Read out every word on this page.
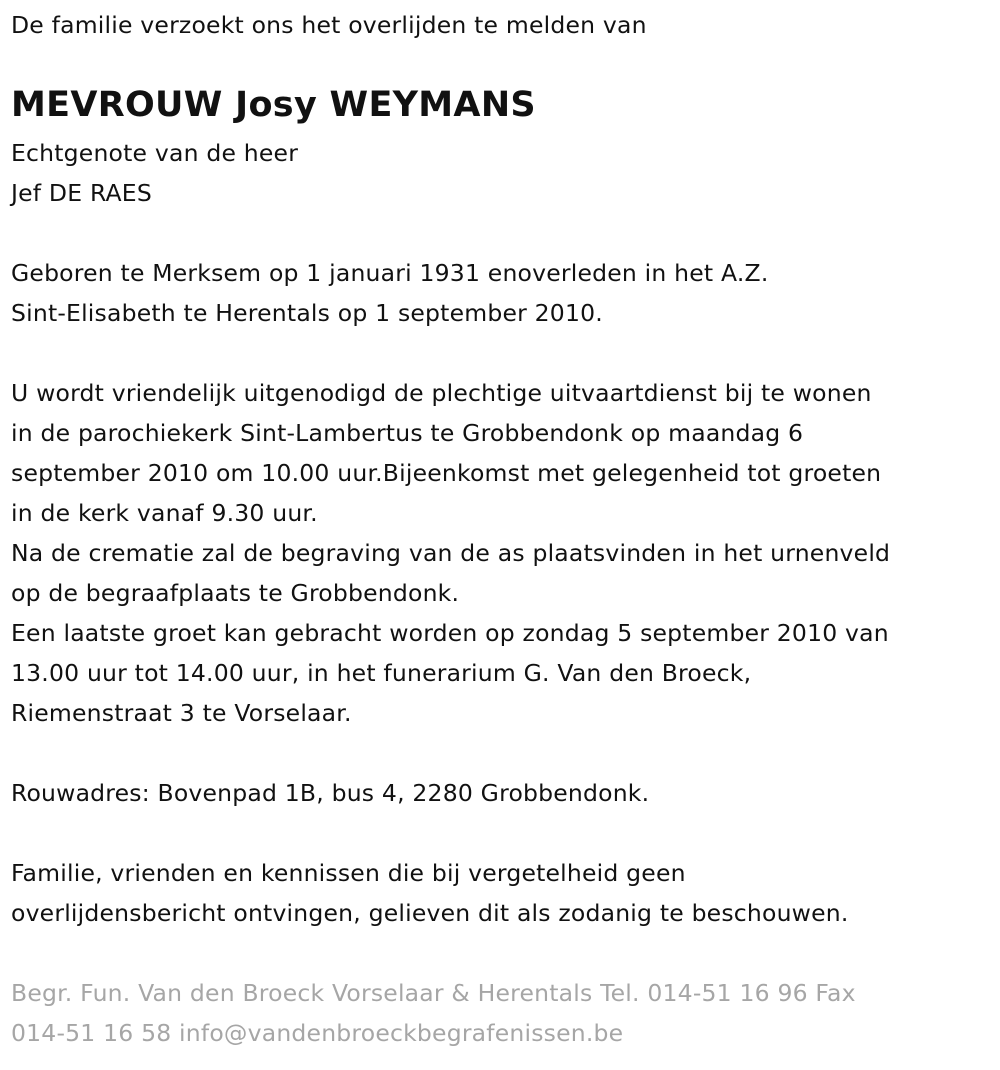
De familie verzoekt ons het overlijden te melden van
MEVROUW Josy WEYMANS
Echtgenote van de heer
Jef DE RAES
Geboren te Merksem op 1 januari 1931 enoverleden in het A.Z.
Sint-Elisabeth te Herentals op 1 september 2010.
U wordt vriendelijk uitgenodigd de plechtige uitvaartdienst bij te wonen
in de parochiekerk Sint-Lambertus te Grobbendonk op maandag 6
september 2010 om 10.00 uur.Bijeenkomst met gelegenheid tot groeten
in de kerk vanaf 9.30 uur.
Na de crematie zal de begraving van de as plaatsvinden in het urnenveld
op de begraafplaats te Grobbendonk.
Een laatste groet kan gebracht worden op zondag 5 september 2010 van
13.00 uur tot 14.00 uur, in het funerarium G. Van den Broeck,
Riemenstraat 3 te Vorselaar.
Rouwadres: Bovenpad 1B, bus 4, 2280 Grobbendonk.
Familie, vrienden en kennissen die bij vergetelheid geen
overlijdensbericht ontvingen, gelieven dit als zodanig te beschouwen.
Begr. Fun. Van den Broeck Vorselaar & Herentals Tel. 014-51 16 96 Fax
014-51 16 58 info@vandenbroeckbegrafenissen.be
